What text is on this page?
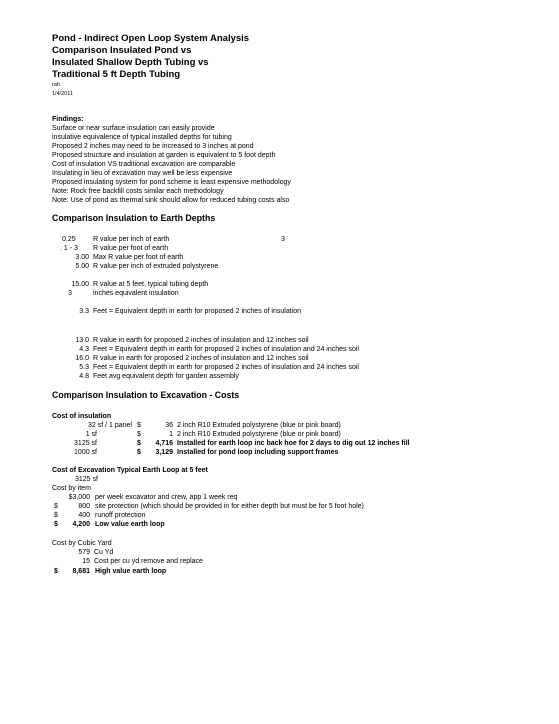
Pond - Indirect Open Loop System Analysis
Comparison Insulated Pond vs
Insulated Shallow Depth Tubing vs
Traditional 5 ft Depth Tubing
rah
1/4/2011
Findings:
Surface or near surface insulation can easily provide
insulative equivalence of typical installed depths for tubing
Proposed 2 inches may need to be increased to 3 inches at pond
Proposed structure and insulation at garden is equivalent to 5 foot depth
Cost of insulation VS traditional excavation are comparable
Insulating in lieu of excavation may well be less expensive
Proposed insulating system for pond scheme is least expensive methodology
Note: Rock free backfill costs similar each methodology
Note: Use of pond as thermal sink should allow for reduced tubing costs also
Comparison Insulation to Earth Depths
0.25 R value per inch of earth	3
. 1 - 3 R value per foot of earth
3.00 Max R value per foot of earth
5.00 R value per inch of extruded polystyrene
15.00 R value at 5 feet, typical tubing depth
3	inches equivalent insulation
3.3 Feet = Equivalent depth in earth for proposed 2 inches of insulation
13.0 R value in earth for proposed 2 inches of insulation and 12 inches soil
4.3 Feet = Equivalent depth in earth for proposed 2 inches of insulation and 24 inches soil
16.0 R value in earth for proposed 2 inches of insulation and 12 inches soil
5.3 Feet = Equivalent depth in earth for proposed 2 inches of insulation and 24 inches soil
4.8 Feet avg equivalent depth for garden assembly
Comparison Insulation to Excavation - Costs
Cost of insulation
32 sf / 1 panel $	36 2 inch R10 Extruded polystyrene (blue or pink board)
1 sf	$	1 2 inch R10 Extruded polystyrene (blue or pink board)
3125 sf	$	4,716 Installed for earth loop inc back hoe for 2 days to dig out 12 inches fill
1000 sf	$	3,129 Installed for pond loop including support frames
Cost of Excavation Typical Earth Loop at 5 feet
3125 sf
Cost by item
$3,000 per week excavator and crew, app 1 week req
$	800 site protection (which should be provided in for either depth but must be for 5 foot hole)
$	400 runoff protection
$	4,200 Low value earth loop
Cost by Cubic Yard
579 Cu Yd
15 Cost per cu yd remove and replace
$	8,681 High value earth loop
